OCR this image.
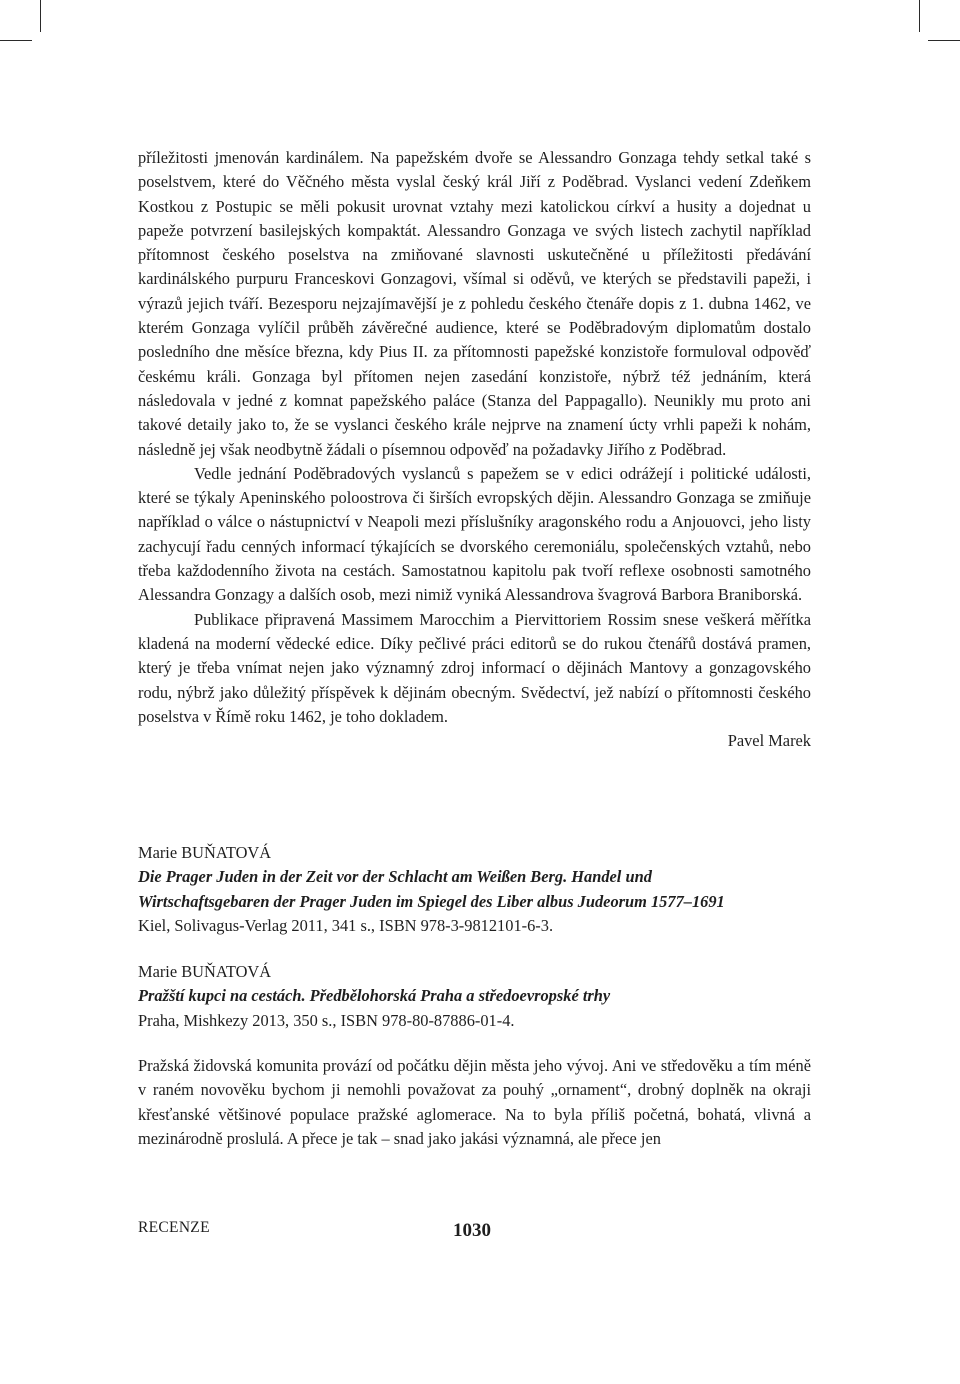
příležitosti jmenován kardinálem. Na papežském dvoře se Alessandro Gonzaga tehdy setkal také s poselstvem, které do Věčného města vyslal český král Jiří z Poděbrad. Vyslanci vedení Zdeňkem Kostkou z Postupic se měli pokusit urovnat vztahy mezi katolickou církví a husity a dojednat u papeže potvrzení basilejských kompaktát. Alessandro Gonzaga ve svých listech zachytil například přítomnost českého poselstva na zmiňované slavnosti uskutečněné u příležitosti předávání kardinálského purpuru Franceskovi Gonzagovi, všímal si oděvů, ve kterých se představili papeži, i výrazů jejich tváří. Bezesporu nejzajímavější je z pohledu českého čtenáře dopis z 1. dubna 1462, ve kterém Gonzaga vylíčil průběh závěrečné audience, které se Poděbradovým diplomatům dostalo posledního dne měsíce března, kdy Pius II. za přítomnosti papežské konzistoře formuloval odpověď českému králi. Gonzaga byl přítomen nejen zasedání konzistoře, nýbrž též jednáním, která následovala v jedné z komnat papežského paláce (Stanza del Pappagallo). Neunikly mu proto ani takové detaily jako to, že se vyslanci českého krále nejprve na znamení úcty vrhli papeži k nohám, následně jej však neodbytně žádali o písemnou odpověď na požadavky Jiřího z Poděbrad.

Vedle jednání Poděbradových vyslanců s papežem se v edici odrážejí i politické události, které se týkaly Apeninského poloostrova či širších evropských dějin. Alessandro Gonzaga se zmiňuje například o válce o nástupnictví v Neapoli mezi příslušníky aragonského rodu a Anjouovci, jeho listy zachycují řadu cenných informací týkajících se dvorského ceremoniálu, společenských vztahů, nebo třeba každodenního života na cestách. Samostatnou kapitolu pak tvoří reflexe osobnosti samotného Alessandra Gonzagy a dalších osob, mezi nimiž vyniká Alessandrova švagrová Barbora Braniborská.

Publikace připravená Massimem Marocchim a Piervittoriem Rossim snese veškerá měřítka kladená na moderní vědecké edice. Díky pečlivé práci editorů se do rukou čtenářů dostává pramen, který je třeba vnímat nejen jako významný zdroj informací o dějinách Mantovy a gonzagovského rodu, nýbrž jako důležitý příspěvek k dějinám obecným. Svědectví, jež nabízí o přítomnosti českého poselstva v Římě roku 1462, je toho dokladem.

Pavel Marek
Marie BUŇATOVÁ
Die Prager Juden in der Zeit vor der Schlacht am Weißen Berg. Handel und
Wirtschaftsgebaren der Prager Juden im Spiegel des Liber albus Judeorum 1577–1691
Kiel, Solivagus-Verlag 2011, 341 s., ISBN 978-3-9812101-6-3.
Marie BUŇATOVÁ
Pražští kupci na cestách. Předbělohorská Praha a středoevropské trhy
Praha, Mishkezy 2013, 350 s., ISBN 978-80-87886-01-4.

Pražská židovská komunita provází od počátku dějin města jeho vývoj. Ani ve středověku a tím méně v raném novověku bychom ji nemohli považovat za pouhý „ornament“, drobný doplněk na okraji křesťanské většinové populace pražské aglomerace. Na to byla příliš početná, bohatá, vlivná a mezinárodně proslulá. A přece je tak – snad jako jakási významná, ale přece jen

RECENZE	1030
